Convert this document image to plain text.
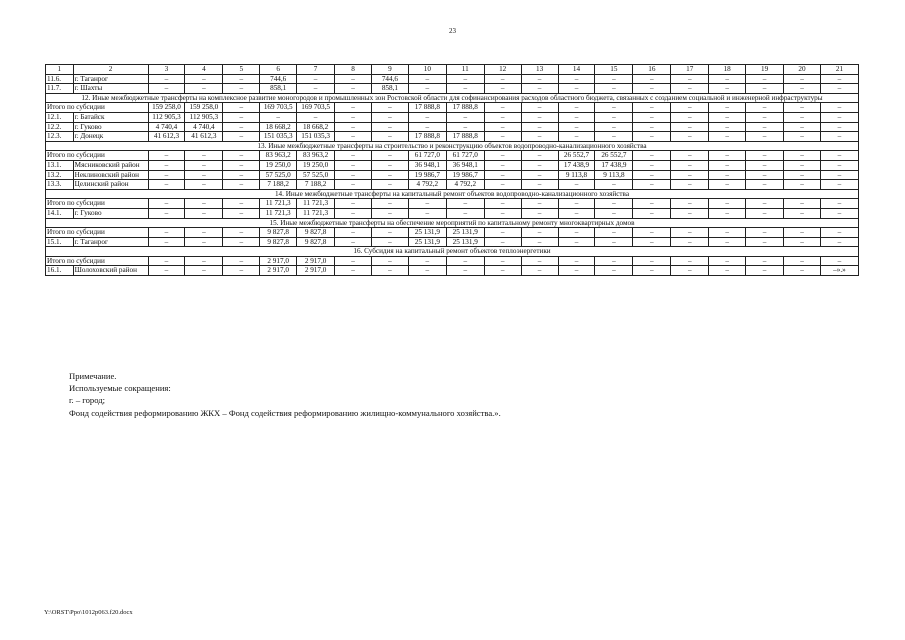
23
1	2	3	4	5	6	7	8	9	10	11	12	13	14	15	16	17	18	19	20	21
11.6.	г. Таганрог	–	–	–	744,6	–	–	744,6	–	–	–	–	–	–	–	–	–	–	–	–
11.7.	г. Шахты	–	–	–	858,1	–	–	858,1	–	–	–	–	–	–	–	–	–	–	–	–
12. Иные межбюджетные трансферты на комплексное развитие моногородов и промышленных зон Ростовской области для софинансирования расходов областного бюджета, связанных с созданием социальной и инженерной инфраструктуры																				
Итого по субсидии		159 258,0	159 258,0	–	169 703,5	169 703,5	–	–	17 888,8	17 888,8	–	–	–	–	–	–	–	–	–	–
12.1.	г. Батайск	112 905,3	112 905,3	–	–	–	–	–	–	–	–	–	–	–	–	–	–	–	–	–
12.2.	г. Гуково	4 740,4	4 740,4	–	18 668,2	18 668,2	–	–	–	–	–	–	–	–	–	–	–	–	–	–
12.3.	г. Донецк	41 612,3	41 612,3	–	151 035,3	151 035,3	–	–	17 888,8	17 888,8	–	–	–	–	–	–	–	–	–	–
13. Иные межбюджетные трансферты на строительство и реконструкцию объектов водопроводно-канализационного хозяйства																				
Итого по субсидии		–	–	–	83 963,2	83 963,2	–	–	61 727,0	61 727,0	–	–	26 552,7	26 552,7	–	–	–	–	–	–
13.1.	Мясниковский район	–	–	–	19 250,0	19 250,0	–	–	36 948,1	36 948,1	–	–	17 438,9	17 438,9	–	–	–	–	–	–
13.2.	Неклиновский район	–	–	–	57 525,0	57 525,0	–	–	19 986,7	19 986,7	–	–	9 113,8	9 113,8	–	–	–	–	–	–
13.3.	Целинский район	–	–	–	7 188,2	7 188,2	–	–	4 792,2	4 792,2	–	–	–	–	–	–	–	–	–	–
14. Иные межбюджетные трансферты на капитальный ремонт объектов водопроводно-канализационного хозяйства																				
Итого по субсидии		–	–	–	11 721,3	11 721,3	–	–	–	–	–	–	–	–	–	–	–	–	–	–
14.1.	г. Гуково	–	–	–	11 721,3	11 721,3	–	–	–	–	–	–	–	–	–	–	–	–	–	–
15. Иные межбюджетные трансферты на обеспечение мероприятий по капитальному ремонту многоквартирных домов																				
Итого по субсидии		–	–	–	9 827,8	9 827,8	–	–	25 131,9	25 131,9	–	–	–	–	–	–	–	–	–	–
15.1.	г. Таганрог	–	–	–	9 827,8	9 827,8	–	–	25 131,9	25 131,9	–	–	–	–	–	–	–	–	–	–
16. Субсидия на капитальный ремонт объектов теплоэнергетики																				
Итого по субсидии		–	–	–	2 917,0	2 917,0	–	–	–	–	–	–	–	–	–	–	–	–	–	–
16.1.	Шолоховский район	–	–	–	2 917,0	2 917,0	–	–	–	–	–	–	–	–	–	–	–	–	–	–».»
Примечание.
Используемые сокращения:
г. – город;
Фонд содействия реформированию ЖКХ – Фонд содействия реформированию жилищно-коммунального хозяйства.».
Y:\ORST\Ppo\1012p063.f20.docx
